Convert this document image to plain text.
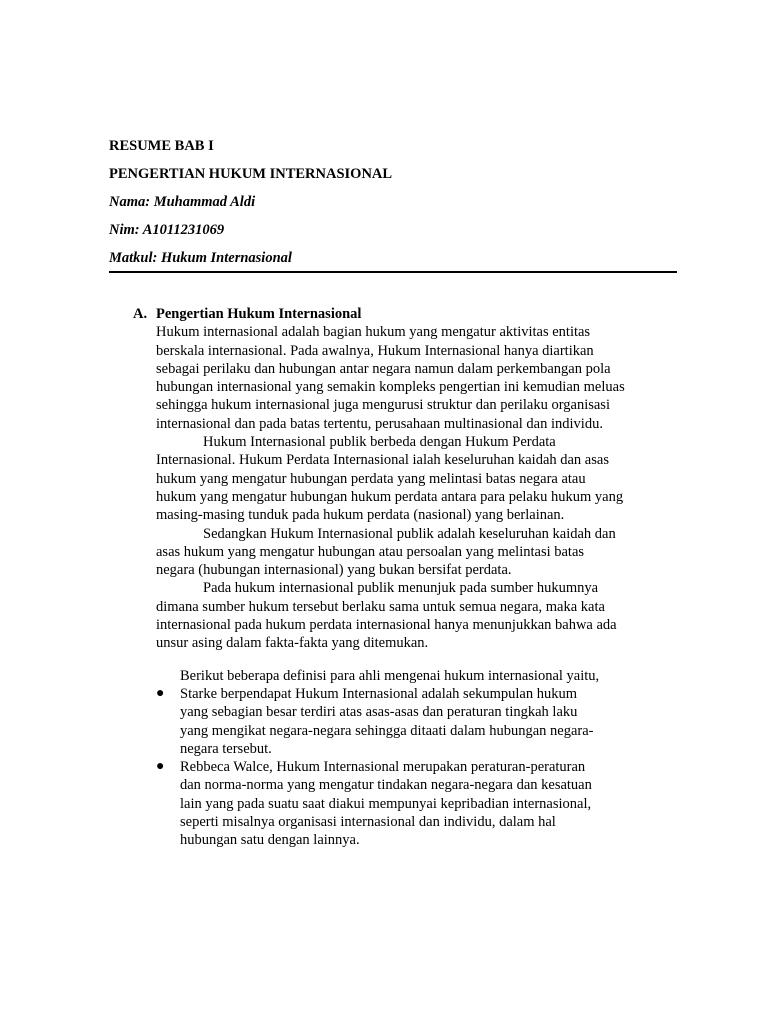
RESUME BAB I
PENGERTIAN HUKUM INTERNASIONAL
Nama: Muhammad Aldi
Nim: A1011231069
Matkul: Hukum Internasional
A. Pengertian Hukum Internasional
Hukum internasional adalah bagian hukum yang mengatur aktivitas entitas
berskala internasional. Pada awalnya, Hukum Internasional hanya diartikan
sebagai perilaku dan hubungan antar negara namun dalam perkembangan pola
hubungan internasional yang semakin kompleks pengertian ini kemudian meluas
sehingga hukum internasional juga mengurusi struktur dan perilaku organisasi
internasional dan pada batas tertentu, perusahaan multinasional dan individu.
Hukum Internasional publik berbeda dengan Hukum Perdata
Internasional. Hukum Perdata Internasional ialah keseluruhan kaidah dan asas
hukum yang mengatur hubungan perdata yang melintasi batas negara atau
hukum yang mengatur hubungan hukum perdata antara para pelaku hukum yang
masing-masing tunduk pada hukum perdata (nasional) yang berlainan.
Sedangkan Hukum Internasional publik adalah keseluruhan kaidah dan
asas hukum yang mengatur hubungan atau persoalan yang melintasi batas
negara (hubungan internasional) yang bukan bersifat perdata.
Pada hukum internasional publik menunjuk pada sumber hukumnya
dimana sumber hukum tersebut berlaku sama untuk semua negara, maka kata
internasional pada hukum perdata internasional hanya menunjukkan bahwa ada
unsur asing dalam fakta-fakta yang ditemukan.
Berikut beberapa definisi para ahli mengenai hukum internasional yaitu,
● Starke berpendapat Hukum Internasional adalah sekumpulan hukum
yang sebagian besar terdiri atas asas-asas dan peraturan tingkah laku
yang mengikat negara-negara sehingga ditaati dalam hubungan negara-
negara tersebut.
● Rebbeca Walce, Hukum Internasional merupakan peraturan-peraturan
dan norma-norma yang mengatur tindakan negara-negara dan kesatuan
lain yang pada suatu saat diakui mempunyai kepribadian internasional,
seperti misalnya organisasi internasional dan individu, dalam hal
hubungan satu dengan lainnya.
